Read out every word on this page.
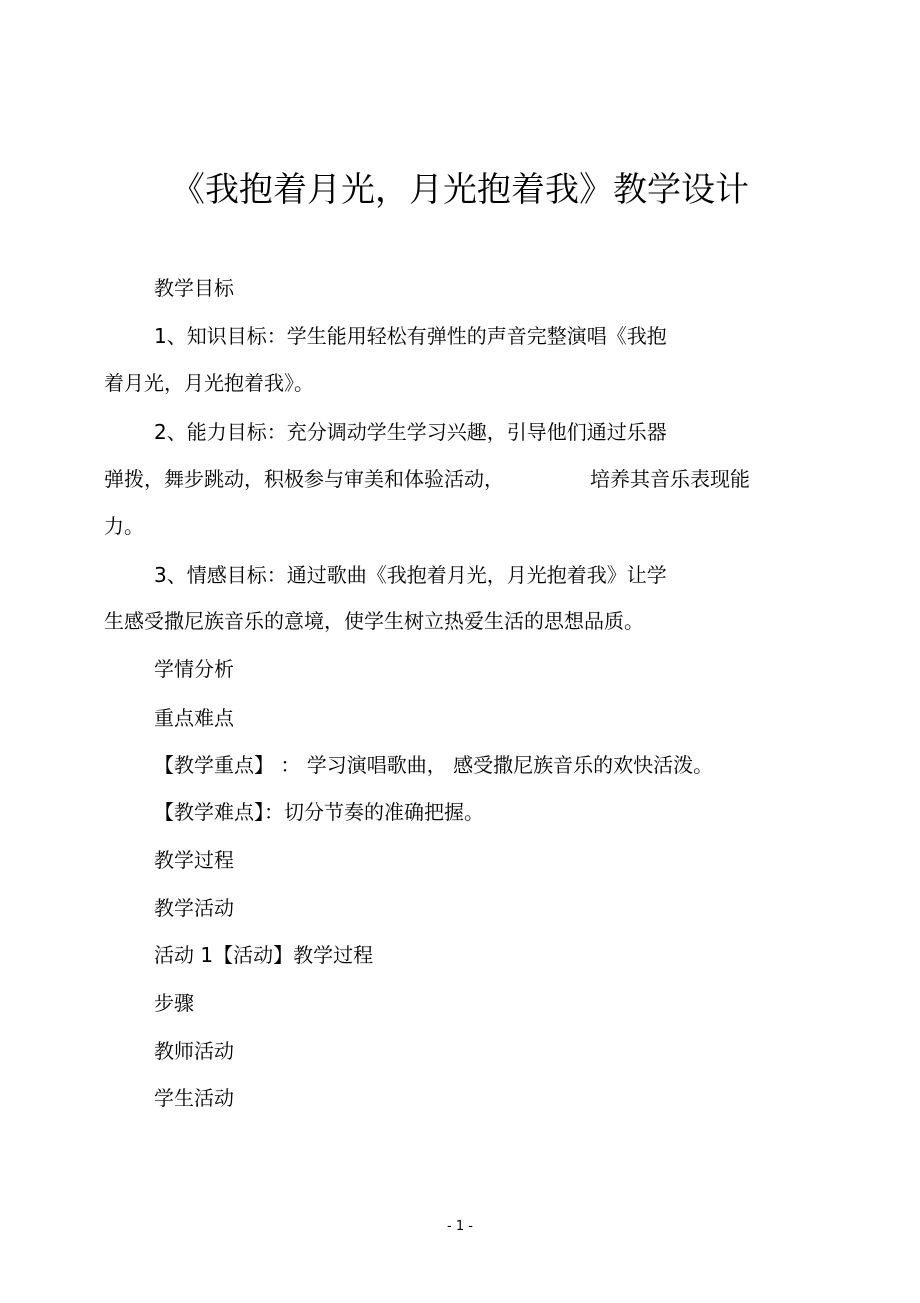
《我抱着月光，月光抱着我》教学设计
教学目标
1、知识目标：学生能用轻松有弹性的声音完整演唱《我抱
着月光，月光抱着我》。
2、能力目标：充分调动学生学习兴趣，引导他们通过乐器
弹拨，舞步跳动，积极参与审美和体验活动，	培养其音乐表现能
力。
3、情感目标：通过歌曲《我抱着月光，月光抱着我》让学
生感受撒尼族音乐的意境，使学生树立热爱生活的思想品质。
学情分析
重点难点
【教学重点】 ： 学习演唱歌曲， 感受撒尼族音乐的欢快活泼。
【教学难点】：切分节奏的准确把握。
教学过程
教学活动
活动 1【活动】教学过程
步骤
教师活动
学生活动
- 1 -
